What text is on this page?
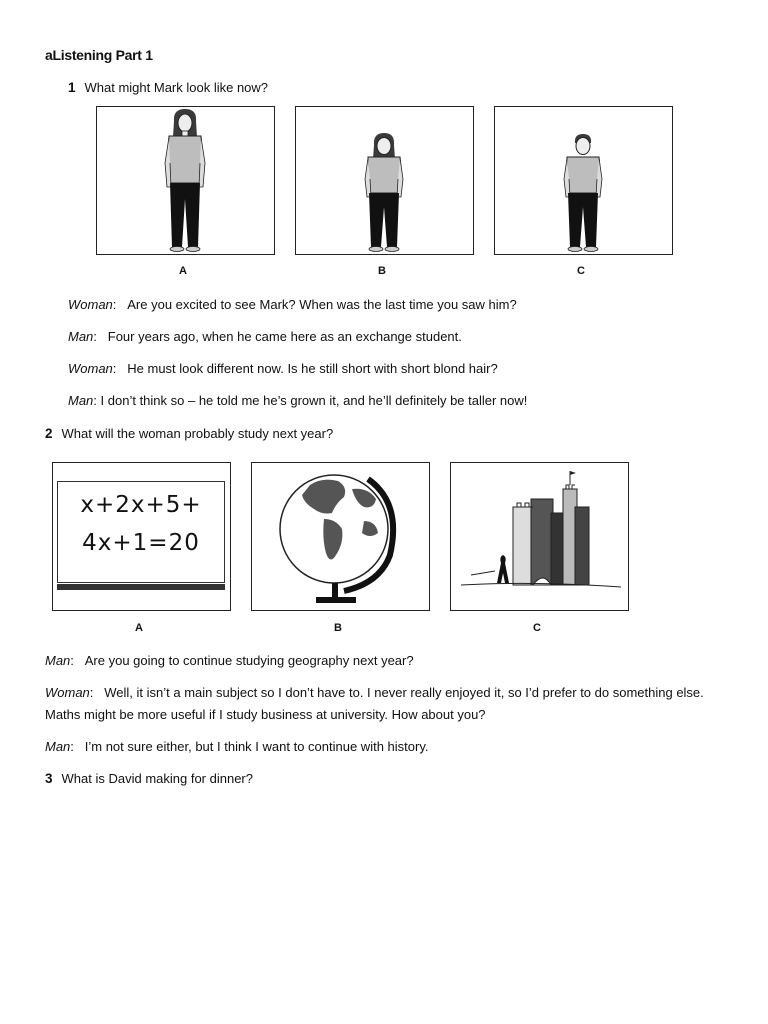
aListening Part 1
1 What might Mark look like now?
A	B	C
Woman: Are you excited to see Mark? When was the last time you saw him?
Man: Four years ago, when he came here as an exchange student.
Woman: He must look different now. Is he still short with short blond hair?
Man: I don’t think so – he told me he’s grown it, and he’ll definitely be taller now!
2 What will the woman probably study next year?
x+2x+5+
4x+1=20
A	B	C
Man: Are you going to continue studying geography next year?
Woman: Well, it isn’t a main subject so I don’t have to. I never really enjoyed it, so I’d prefer to do something else. Maths might be more useful if I study business at university. How about you?
Man: I’m not sure either, but I think I want to continue with history.
3 What is David making for dinner?
